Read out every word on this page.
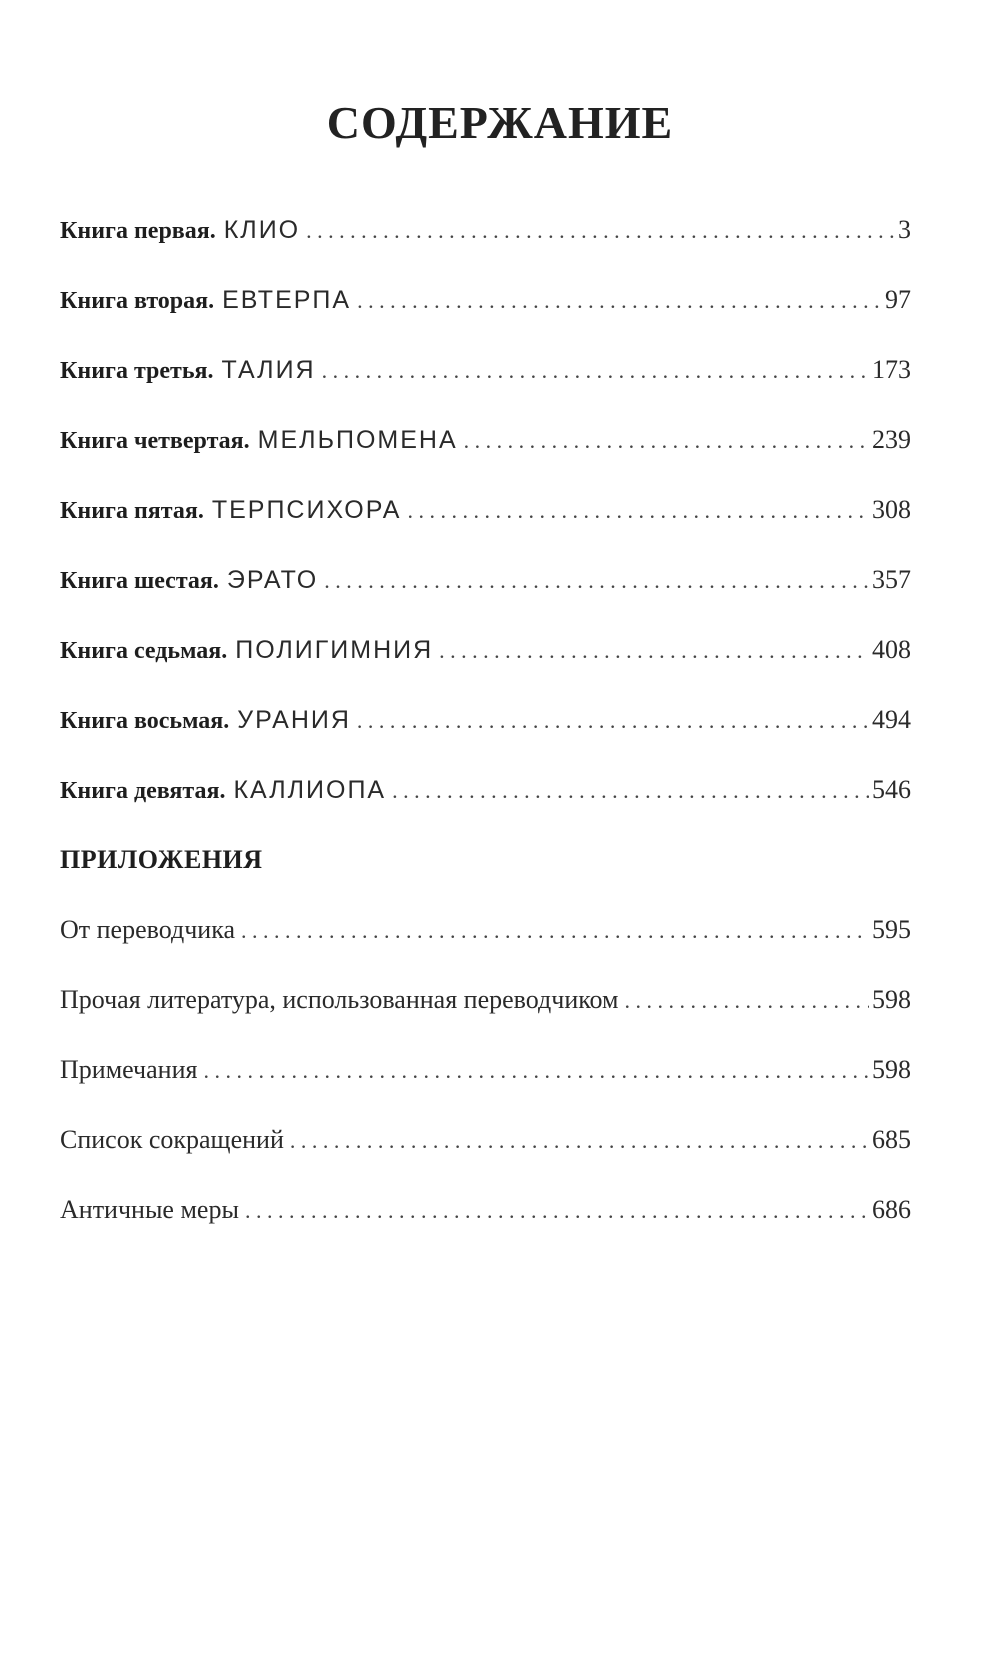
СОДЕРЖАНИЕ
Книга первая. КЛИО . . .	3
Книга вторая. ЕВТЕРПА . . .	97
Книга третья. ТАЛИЯ . . .	173
Книга четвертая. МЕЛЬПОМЕНА . . .	239
Книга пятая. ТЕРПСИХОРА . . .	308
Книга шестая. ЭРАТО . . .	357
Книга седьмая. ПОЛИГИМНИЯ . . .	408
Книга восьмая. УРАНИЯ . . .	494
Книга девятая. КАЛЛИОПА . . .	546
ПРИЛОЖЕНИЯ
От переводчика . . .	595
Прочая литература, использованная переводчиком . . .	598
Примечания . . .	598
Список сокращений . . .	685
Античные меры . . .	686
